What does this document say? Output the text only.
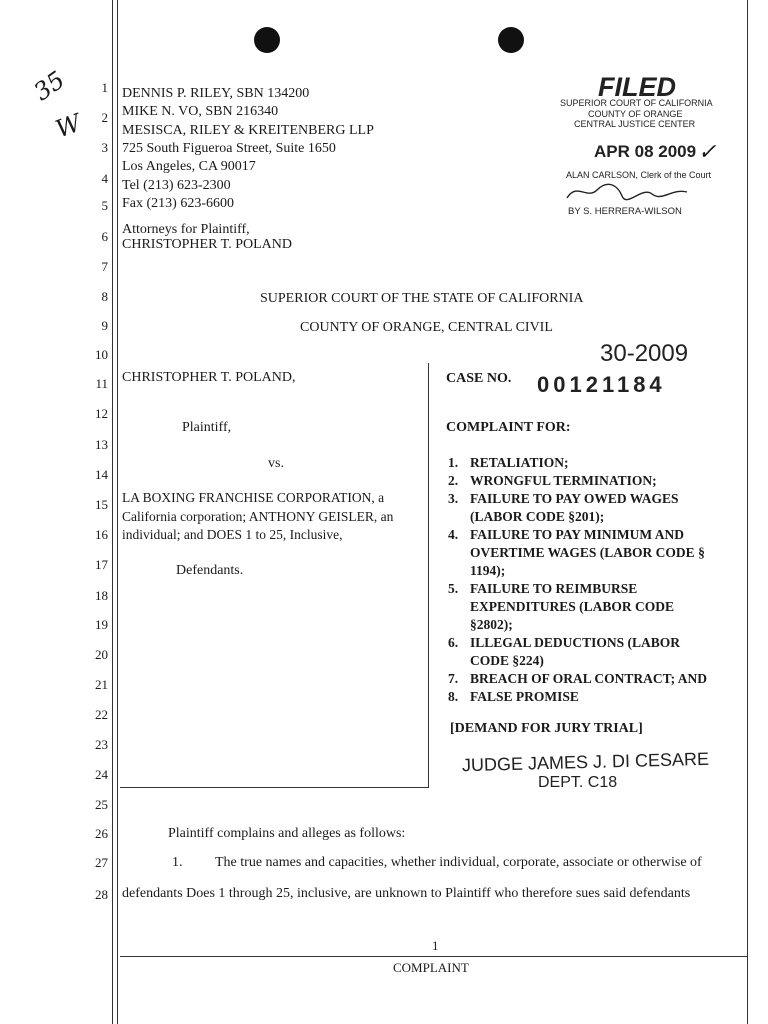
35
W
1
2
3
4
5
6
7
8
9
10
11
12
13
14
15
16
17
18
19
20
21
22
23
24
25
26
27
28
DENNIS P. RILEY, SBN 134200
MIKE N. VO, SBN 216340
MESISCA, RILEY & KREITENBERG LLP
725 South Figueroa Street, Suite 1650
Los Angeles, CA 90017
Tel (213) 623-2300
Fax (213) 623-6600
Attorneys for Plaintiff,
CHRISTOPHER T. POLAND
FILED
SUPERIOR COURT OF CALIFORNIA
COUNTY OF ORANGE
CENTRAL JUSTICE CENTER
APR 08 2009 ✓
ALAN CARLSON, Clerk of the Court
BY S. HERRERA-WILSON
SUPERIOR COURT OF THE STATE OF CALIFORNIA
COUNTY OF ORANGE, CENTRAL CIVIL
30-2009
CHRISTOPHER T. POLAND,
Plaintiff,
vs.
LA BOXING FRANCHISE CORPORATION, a
California corporation; ANTHONY GEISLER, an
individual; and DOES 1 to 25, Inclusive,
Defendants.
CASE NO. 00121184
COMPLAINT FOR:
1. RETALIATION;
2. WRONGFUL TERMINATION;
3. FAILURE TO PAY OWED WAGES
(LABOR CODE §201);
4. FAILURE TO PAY MINIMUM AND
OVERTIME WAGES (LABOR CODE §
1194);
5. FAILURE TO REIMBURSE
EXPENDITURES (LABOR CODE
§2802);
6. ILLEGAL DEDUCTIONS (LABOR
CODE §224)
7. BREACH OF ORAL CONTRACT; AND
8. FALSE PROMISE
[DEMAND FOR JURY TRIAL]
JUDGE JAMES J. DI CESARE
DEPT. C18
Plaintiff complains and alleges as follows:
1. The true names and capacities, whether individual, corporate, associate or otherwise of
defendants Does 1 through 25, inclusive, are unknown to Plaintiff who therefore sues said defendants
1
COMPLAINT
